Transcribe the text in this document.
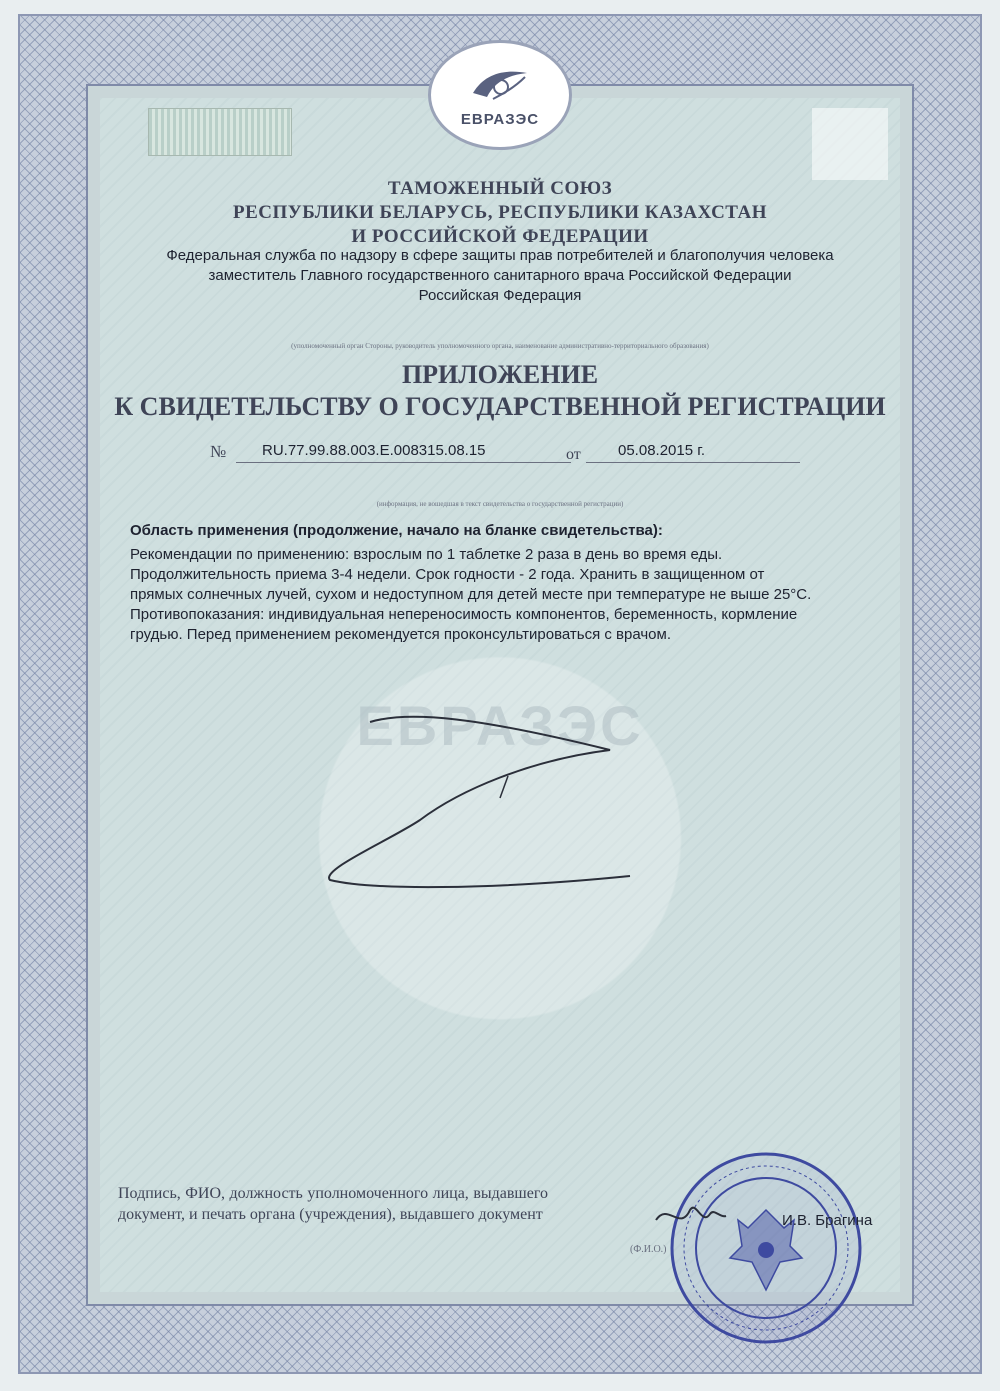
ЕВРАЗЭС
ТАМОЖЕННЫЙ СОЮЗ
РЕСПУБЛИКИ БЕЛАРУСЬ, РЕСПУБЛИКИ КАЗАХСТАН
И РОССИЙСКОЙ ФЕДЕРАЦИИ
Федеральная служба по надзору в сфере защиты прав потребителей и благополучия человека
заместитель Главного государственного санитарного врача Российской Федерации
Российская Федерация
(уполномоченный орган Стороны, руководитель уполномоченного органа, наименование административно-территориального образования)
ПРИЛОЖЕНИЕ
К СВИДЕТЕЛЬСТВУ О ГОСУДАРСТВЕННОЙ РЕГИСТРАЦИИ
№ RU.77.99.88.003.E.008315.08.15	от 05.08.2015 г.
(информация, не вошедшая в текст свидетельства о государственной регистрации)
ЕВРАЗЭС
Область применения (продолжение, начало на бланке свидетельства):
Рекомендации по применению: взрослым по 1 таблетке 2 раза в день во время еды.
Продолжительность приема 3-4 недели. Срок годности - 2 года. Хранить в защищенном от
прямых солнечных лучей, сухом и недоступном для детей месте при температуре не выше 25°С.
Противопоказания: индивидуальная непереносимость компонентов, беременность, кормление
грудью. Перед применением рекомендуется проконсультироваться с врачом.
Подпись, ФИО, должность уполномоченного лица, выдавшего документ, и печать органа (учреждения), выдавшего документ	И.В. Брагина
(Ф.И.О.)
